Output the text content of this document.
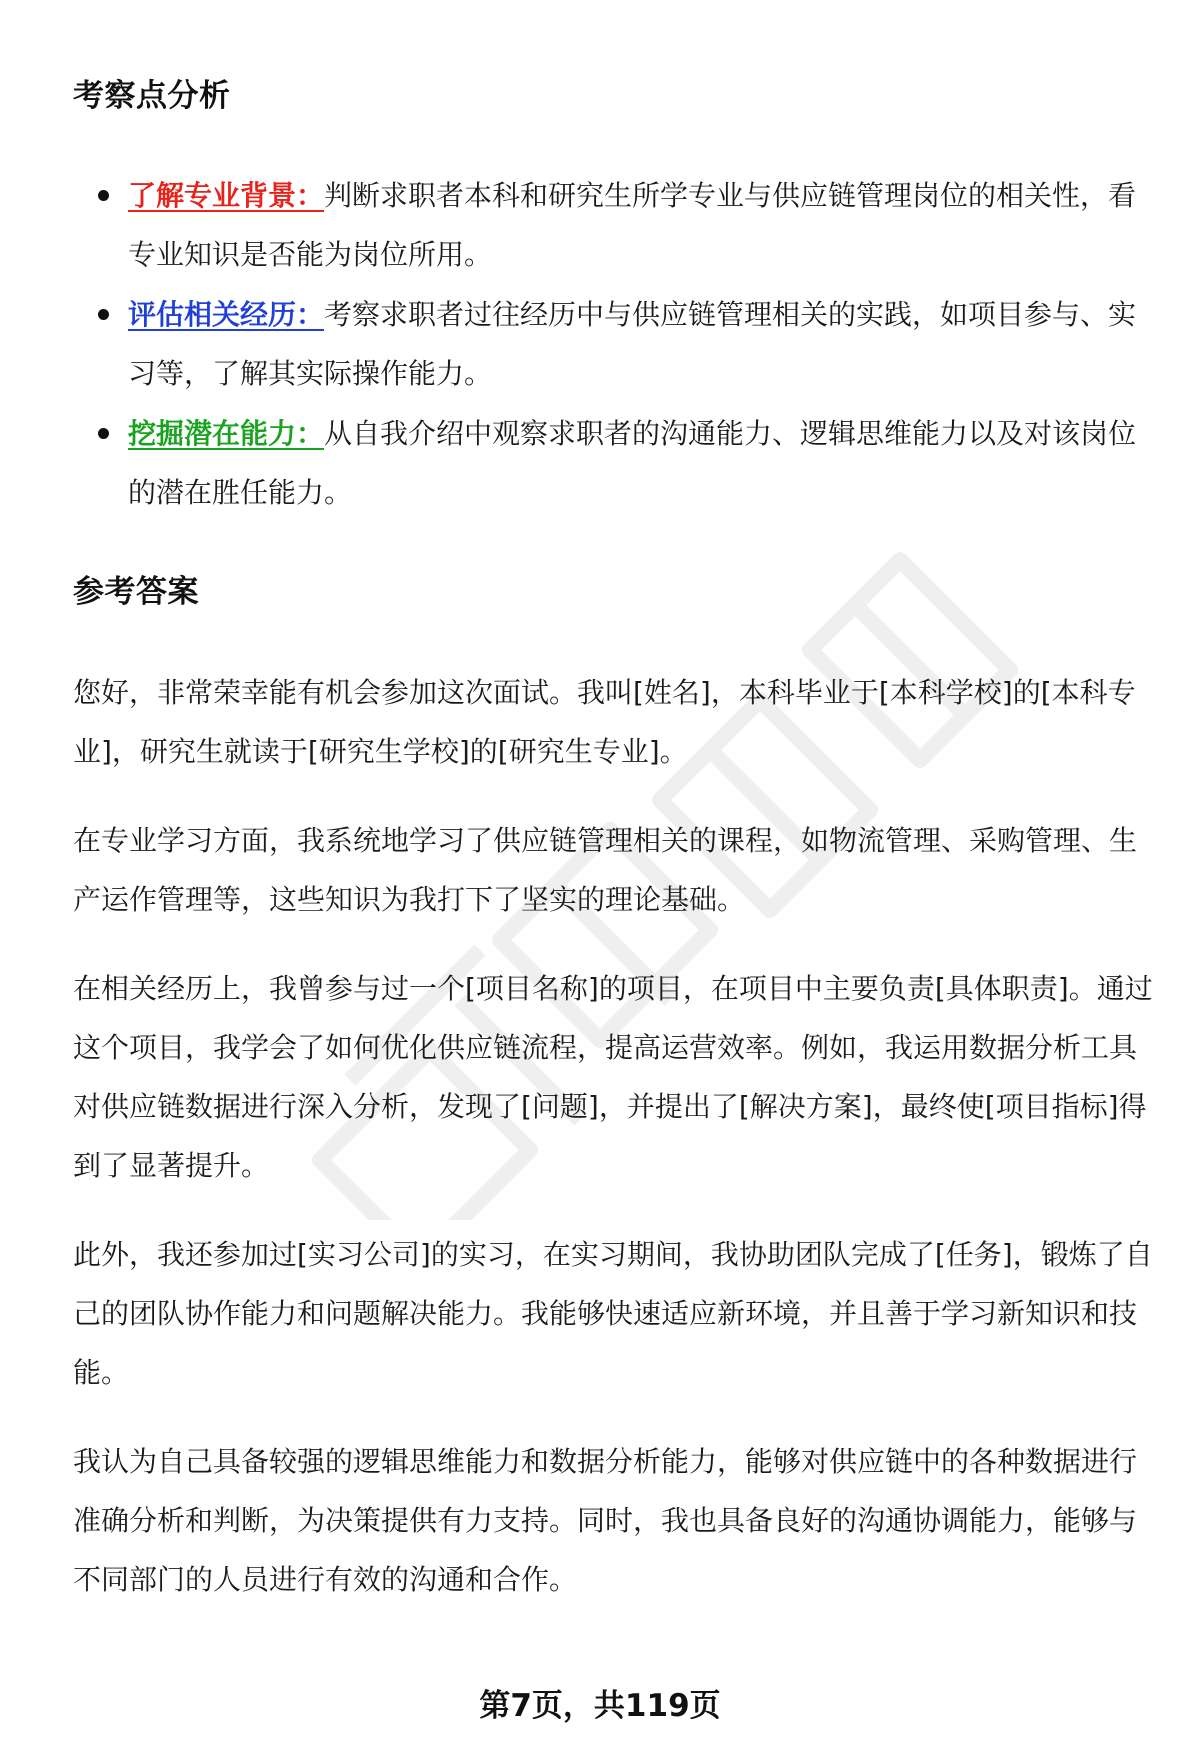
考察点分析
了解专业背景：判断求职者本科和研究生所学专业与供应链管理岗位的相关性，看专业知识是否能为岗位所用。
评估相关经历：考察求职者过往经历中与供应链管理相关的实践，如项目参与、实习等，了解其实际操作能力。
挖掘潜在能力：从自我介绍中观察求职者的沟通能力、逻辑思维能力以及对该岗位的潜在胜任能力。
参考答案

您好，非常荣幸能有机会参加这次面试。我叫[姓名]，本科毕业于[本科学校]的[本科专业]，研究生就读于[研究生学校]的[研究生专业]。

在专业学习方面，我系统地学习了供应链管理相关的课程，如物流管理、采购管理、生产运作管理等，这些知识为我打下了坚实的理论基础。

在相关经历上，我曾参与过一个[项目名称]的项目，在项目中主要负责[具体职责]。通过这个项目，我学会了如何优化供应链流程，提高运营效率。例如，我运用数据分析工具对供应链数据进行深入分析，发现了[问题]，并提出了[解决方案]，最终使[项目指标]得到了显著提升。

此外，我还参加过[实习公司]的实习，在实习期间，我协助团队完成了[任务]，锻炼了自己的团队协作能力和问题解决能力。我能够快速适应新环境，并且善于学习新知识和技能。

我认为自己具备较强的逻辑思维能力和数据分析能力，能够对供应链中的各种数据进行准确分析和判断，为决策提供有力支持。同时，我也具备良好的沟通协调能力，能够与不同部门的人员进行有效的沟通和合作。

第7页，共119页
